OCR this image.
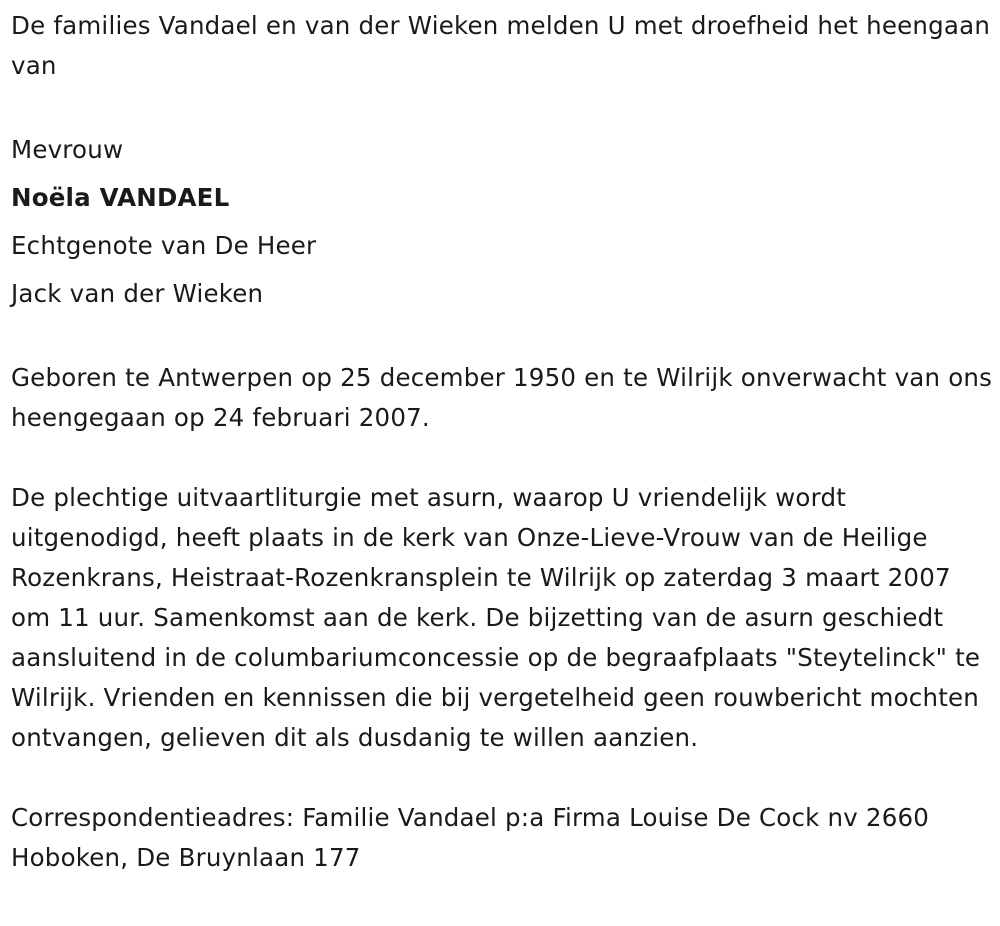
De families Vandael en van der Wieken melden U met droefheid het heengaan van

Mevrouw

Noëla VANDAEL

Echtgenote van De Heer

Jack van der Wieken

Geboren te Antwerpen op 25 december 1950 en te Wilrijk onverwacht van ons heengegaan op 24 februari 2007.

De plechtige uitvaartliturgie met asurn, waarop U vriendelijk wordt uitgenodigd, heeft plaats in de kerk van Onze-Lieve-Vrouw van de Heilige Rozenkrans, Heistraat-Rozenkransplein te Wilrijk op zaterdag 3 maart 2007 om 11 uur. Samenkomst aan de kerk. De bijzetting van de asurn geschiedt aansluitend in de columbariumconcessie op de begraafplaats "Steytelinck" te Wilrijk. Vrienden en kennissen die bij vergetelheid geen rouwbericht mochten ontvangen, gelieven dit als dusdanig te willen aanzien.

Correspondentieadres: Familie Vandael p:a Firma Louise De Cock nv 2660 Hoboken, De Bruynlaan 177
